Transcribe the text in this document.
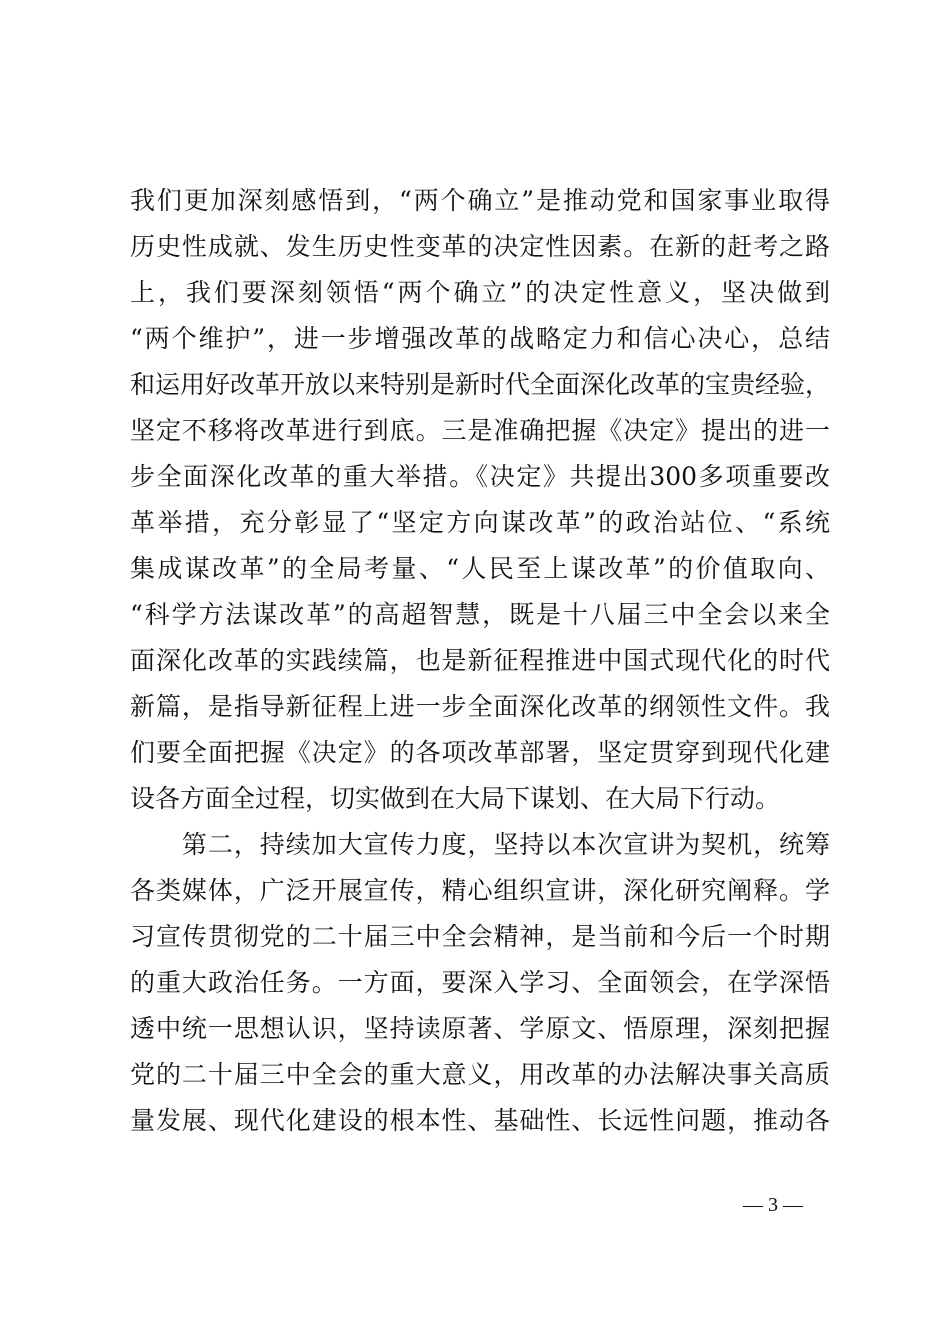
我们更加深刻感悟到，“两个确立”是推动党和国家事业取得
历史性成就、发生历史性变革的决定性因素。在新的赶考之路
上，我们要深刻领悟“两个确立”的决定性意义，坚决做到
“两个维护”，进一步增强改革的战略定力和信心决心，总结
和运用好改革开放以来特别是新时代全面深化改革的宝贵经验，
坚定不移将改革进行到底。三是准确把握《决定》提出的进一
步全面深化改革的重大举措。《决定》共提出300多项重要改
革举措，充分彰显了“坚定方向谋改革”的政治站位、“系统
集成谋改革”的全局考量、“人民至上谋改革”的价值取向、
“科学方法谋改革”的高超智慧，既是十八届三中全会以来全
面深化改革的实践续篇，也是新征程推进中国式现代化的时代
新篇，是指导新征程上进一步全面深化改革的纲领性文件。我
们要全面把握《决定》的各项改革部署，坚定贯穿到现代化建
设各方面全过程，切实做到在大局下谋划、在大局下行动。
　　第二，持续加大宣传力度，坚持以本次宣讲为契机，统筹
各类媒体，广泛开展宣传，精心组织宣讲，深化研究阐释。学
习宣传贯彻党的二十届三中全会精神，是当前和今后一个时期
的重大政治任务。一方面，要深入学习、全面领会，在学深悟
透中统一思想认识，坚持读原著、学原文、悟原理，深刻把握
党的二十届三中全会的重大意义，用改革的办法解决事关高质
量发展、现代化建设的根本性、基础性、长远性问题，推动各
— 3 —
